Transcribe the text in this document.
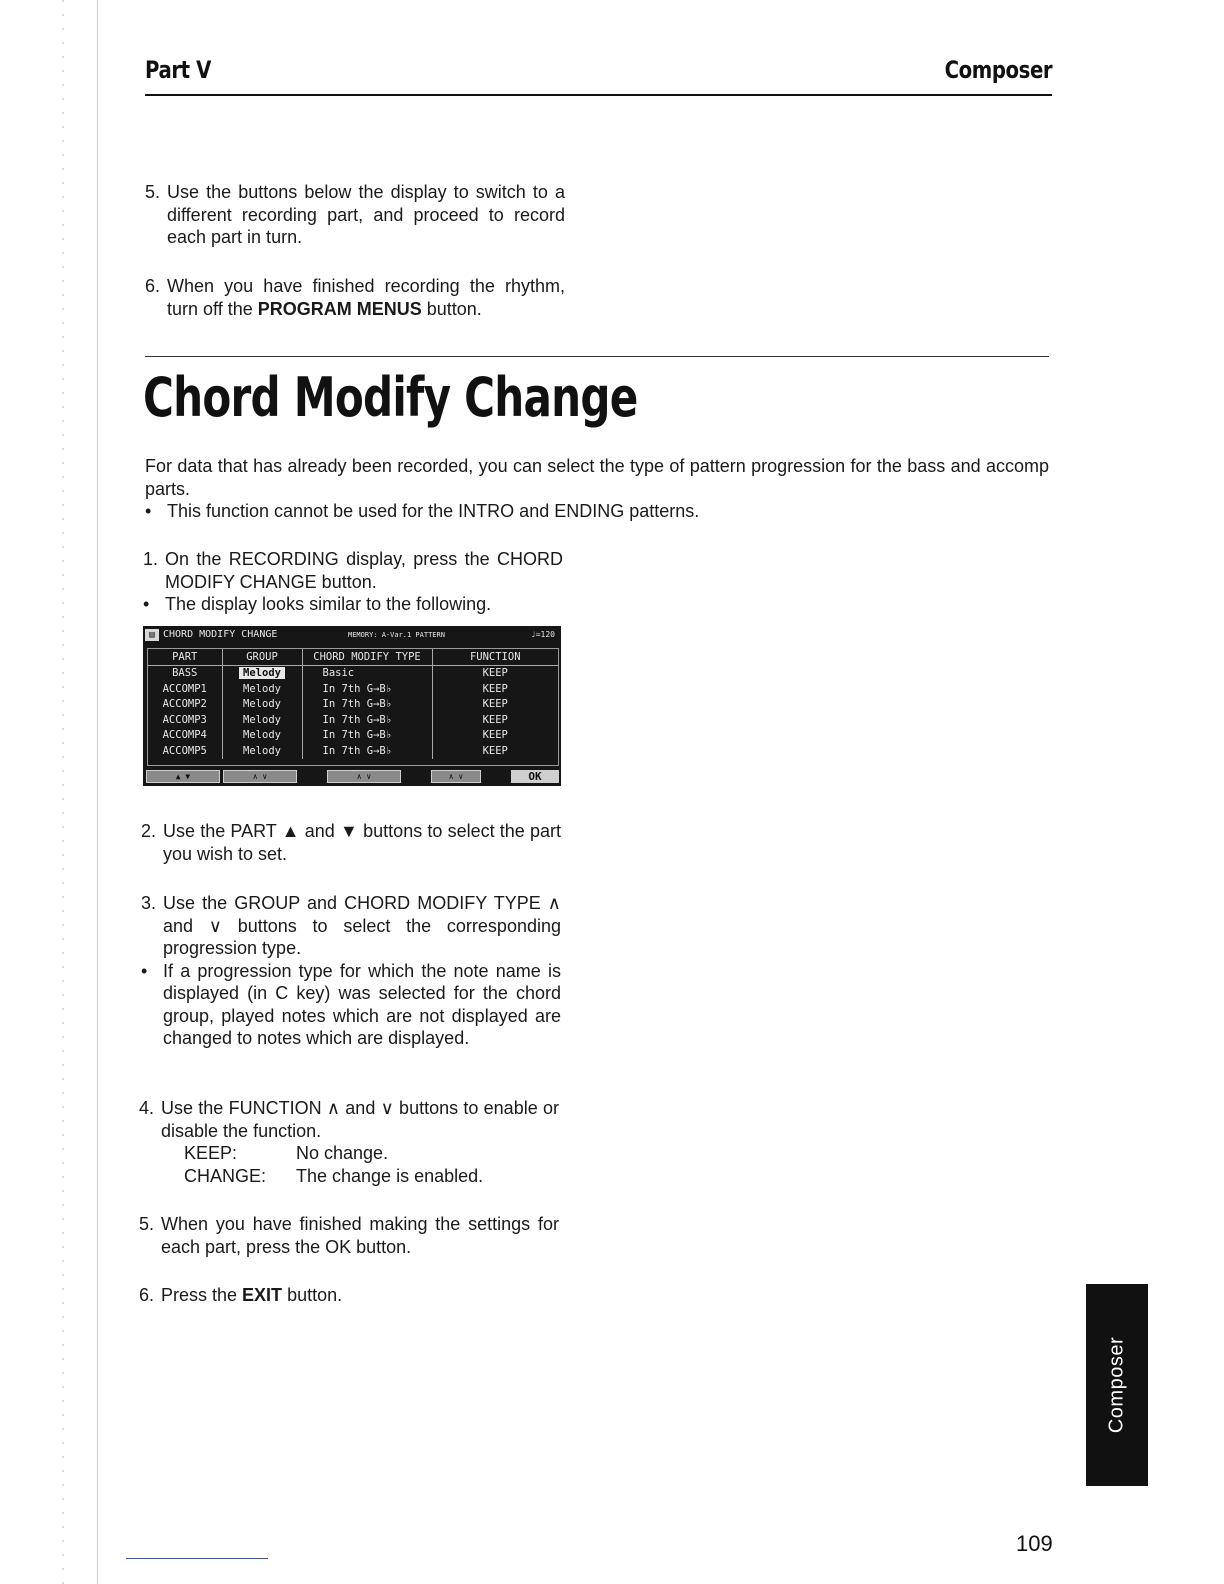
Part V	Composer
5. Use the buttons below the display to switch to a different recording part, and proceed to record each part in turn.
6. When you have finished recording the rhythm, turn off the PROGRAM MENUS button.
Chord Modify Change
For data that has already been recorded, you can select the type of pattern progression for the bass and accomp parts.
• This function cannot be used for the INTRO and ENDING patterns.
1. On the RECORDING display, press the CHORD MODIFY CHANGE button.
• The display looks similar to the following.
▤ CHORD MODIFY CHANGE	MEMORY: A-Var.1 PATTERN	♩=120
PART	GROUP	CHORD MODIFY TYPE	FUNCTION
BASS	Melody	Basic	KEEP
ACCOMP1	Melody	In 7th G→B♭	KEEP
ACCOMP2	Melody	In 7th G→B♭	KEEP
ACCOMP3	Melody	In 7th G→B♭	KEEP
ACCOMP4	Melody	In 7th G→B♭	KEEP
ACCOMP5	Melody	In 7th G→B♭	KEEP
▲ ▼	∧ ∨	∧ ∨	∧ ∨	OK
2. Use the PART ▲ and ▼ buttons to select the part you wish to set.
3. Use the GROUP and CHORD MODIFY TYPE ∧ and ∨ buttons to select the corresponding progression type.
• If a progression type for which the note name is displayed (in C key) was selected for the chord group, played notes which are not displayed are changed to notes which are displayed.
4. Use the FUNCTION ∧ and ∨ buttons to enable or disable the function.
KEEP:	No change.
CHANGE:	The change is enabled.
5. When you have finished making the settings for each part, press the OK button.
6. Press the EXIT button.
Composer
109
